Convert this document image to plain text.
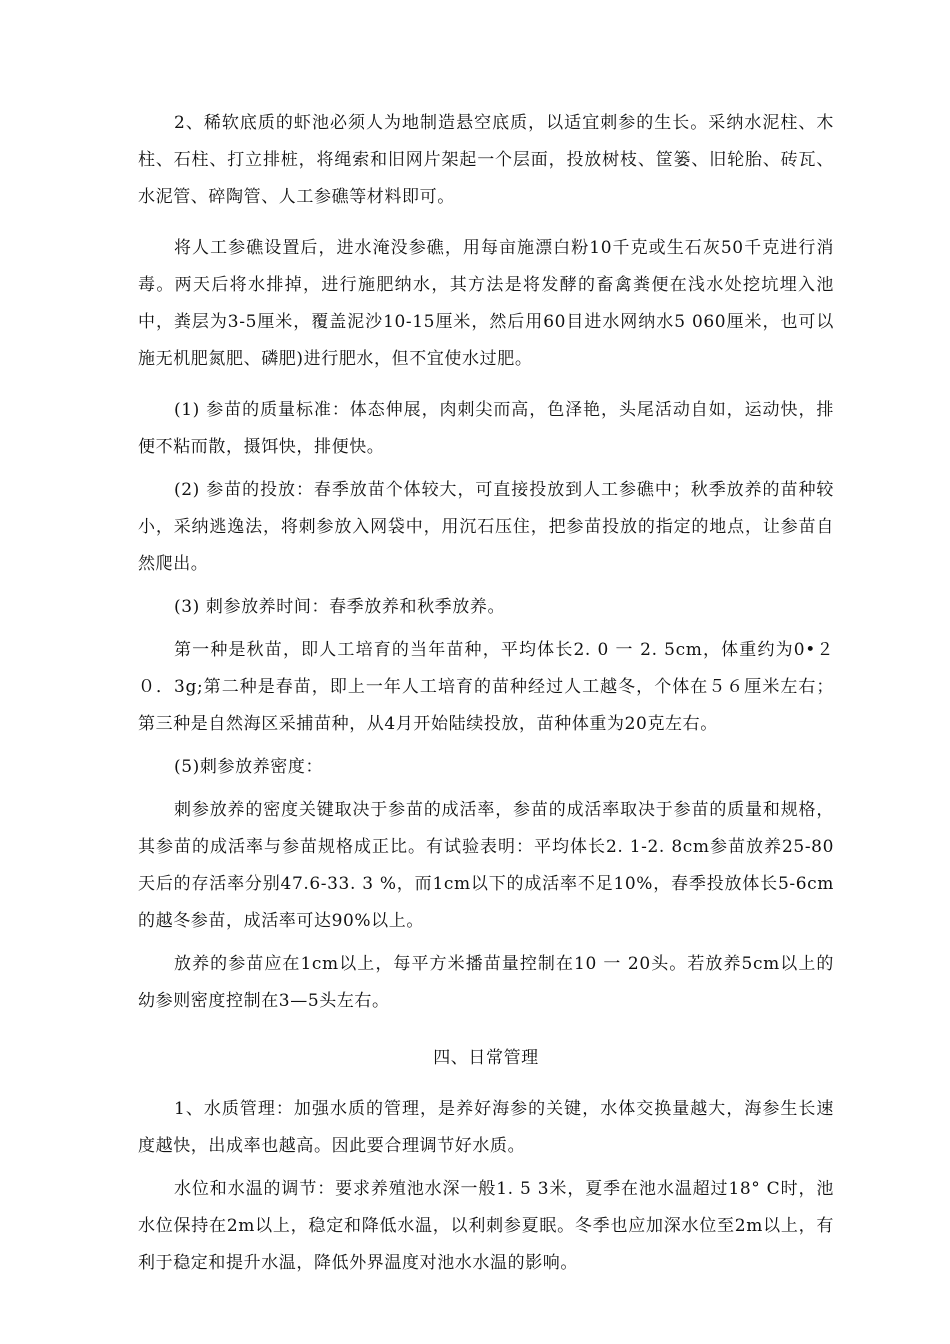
2、稀软底质的虾池必须人为地制造悬空底质，以适宜刺参的生长。采纳水泥柱、木柱、石柱、打立排桩，将绳索和旧网片架起一个层面，投放树枝、筐篓、旧轮胎、砖瓦、水泥管、碎陶管、人工参礁等材料即可。

将人工参礁设置后，进水淹没参礁，用每亩施漂白粉10千克或生石灰50千克进行消毒。两天后将水排掉，进行施肥纳水，其方法是将发酵的畜禽粪便在浅水处挖坑埋入池中，粪层为3-5厘米，覆盖泥沙10-15厘米，然后用60目进水网纳水5 060厘米，也可以施无机肥氮肥、磷肥)进行肥水，但不宜使水过肥。

(1) 参苗的质量标准：体态伸展，肉刺尖而高，色泽艳，头尾活动自如，运动快，排便不粘而散，摄饵快，排便快。

(2) 参苗的投放：春季放苗个体较大，可直接投放到人工参礁中；秋季放养的苗种较小，采纳逃逸法，将刺参放入网袋中，用沉石压住，把参苗投放的指定的地点，让参苗自然爬出。

(3) 刺参放养时间：春季放养和秋季放养。

第一种是秋苗，即人工培育的当年苗种，平均体长2. 0 一 2. 5cm，体重约为0•２０．3g;第二种是春苗，即上一年人工培育的苗种经过人工越冬，个体在５６厘米左右；第三种是自然海区采捕苗种，从4月开始陆续投放，苗种体重为20克左右。

(5)刺参放养密度：

刺参放养的密度关键取决于参苗的成活率，参苗的成活率取决于参苗的质量和规格，其参苗的成活率与参苗规格成正比。有试验表明：平均体长2. 1-2. 8cm参苗放养25-80天后的存活率分别47.6-33. 3 %，而1cm以下的成活率不足10%，春季投放体长5-6cm的越冬参苗，成活率可达90%以上。

放养的参苗应在1cm以上，每平方米播苗量控制在10 一 20头。若放养5cm以上的幼参则密度控制在3—5头左右。

四、日常管理

1、水质管理：加强水质的管理，是养好海参的关键，水体交换量越大，海参生长速度越快，出成率也越高。因此要合理调节好水质。

水位和水温的调节：要求养殖池水深一般1. 5 3米，夏季在池水温超过18° C时，池水位保持在2m以上，稳定和降低水温，以利刺参夏眠。冬季也应加深水位至2m以上，有利于稳定和提升水温，降低外界温度对池水水温的影响。
